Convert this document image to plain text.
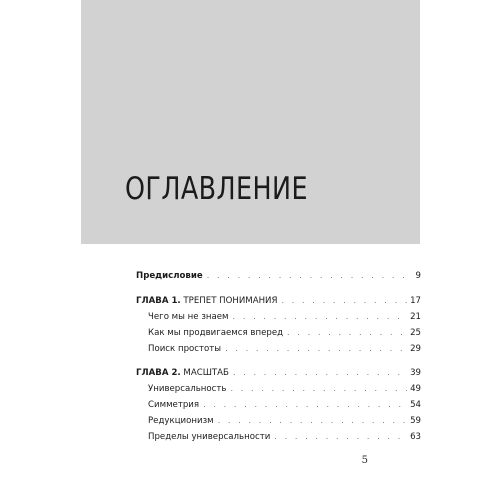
ОГЛАВЛЕНИЕ
Предисловие . . .	9
ГЛАВА 1. ТРЕПЕТ ПОНИМАНИЯ . . .	17
Чего мы не знаем . . .	21
Как мы продвигаемся вперед . . .	25
Поиск простоты . . .	29
ГЛАВА 2. МАСШТАБ . . .	39
Универсальность . . .	49
Симметрия . . .	54
Редукционизм . . .	59
Пределы универсальности . . .	63
5
